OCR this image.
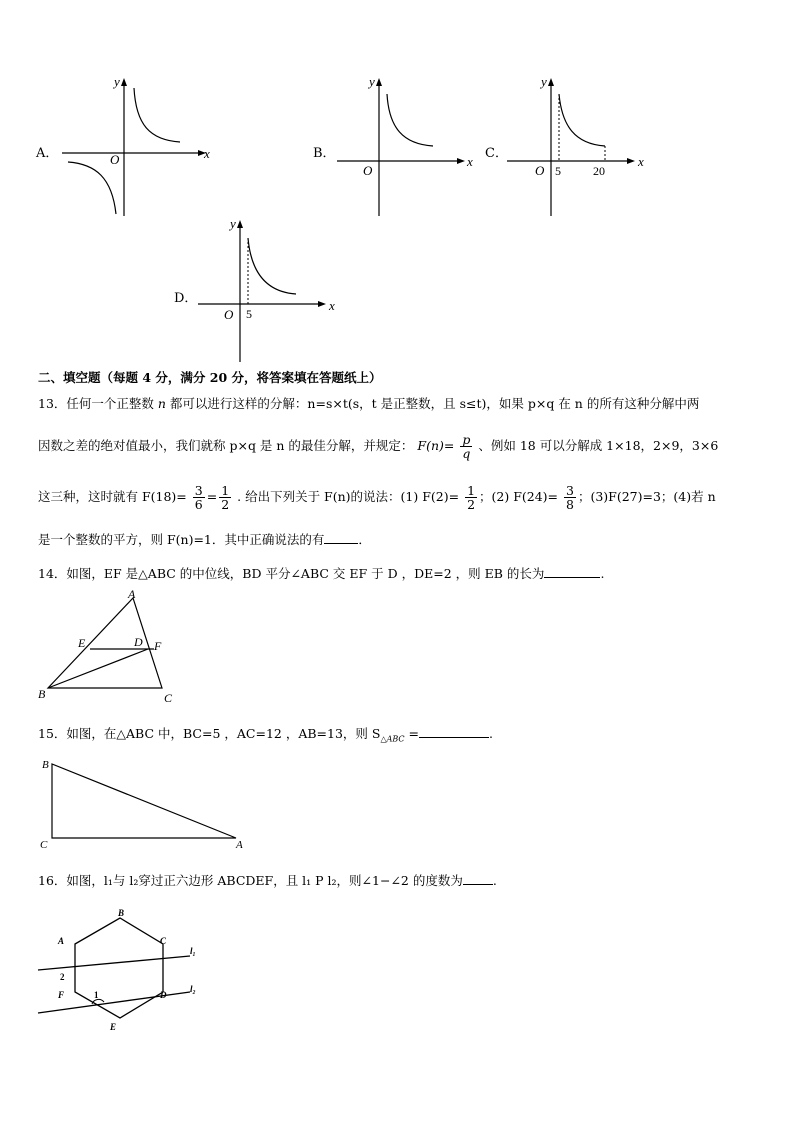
A．
y
x
O	B．
y
x
O
C．
y
x
O 5	20
D．
y
x
O 5
二、填空题（每题 4 分，满分 20 分，将答案填在答题纸上）
13．任何一个正整数 n 都可以进行这样的分解：n=s×t(s，t 是正整数，且 s≤t)，如果 p×q 在 n 的所有这种分解中两
因数之差的绝对值最小，我们就称 p×q 是 n 的最佳分解，并规定： $F(n)= \frac{p}{q}$ 、例如 18 可以分解成 1×18，2×9，3×6
这三种，这时就有 $F(18)= \frac{3}{6} = \frac{1}{2}$ . 给出下列关于 F(n)的说法：(1) $F(2)= \frac{1}{2}$ ；(2) $F(24)= \frac{3}{8}$ ；(3)F(27)=3；(4)若 n
是一个整数的平方，则 F(n)=1．其中正确说法的有	．
14．如图，EF 是△ABC 的中位线，BD 平分∠ABC 交 EF 于 D ，DE=2 ，则 EB 的长为	.
A
B	C
D
E	F
15．如图，在△ABC 中，BC=5 ，AC=12 ，AB=13，则 $S_{\triangle ABC}$ =	.
B
C	A
16．如图，l₁与 l₂穿过正六边形 ABCDEF，且 l₁ P l₂，则∠1−∠2 的度数为 .
A
B
C
D
E
F	1
2
l₁
l₂
